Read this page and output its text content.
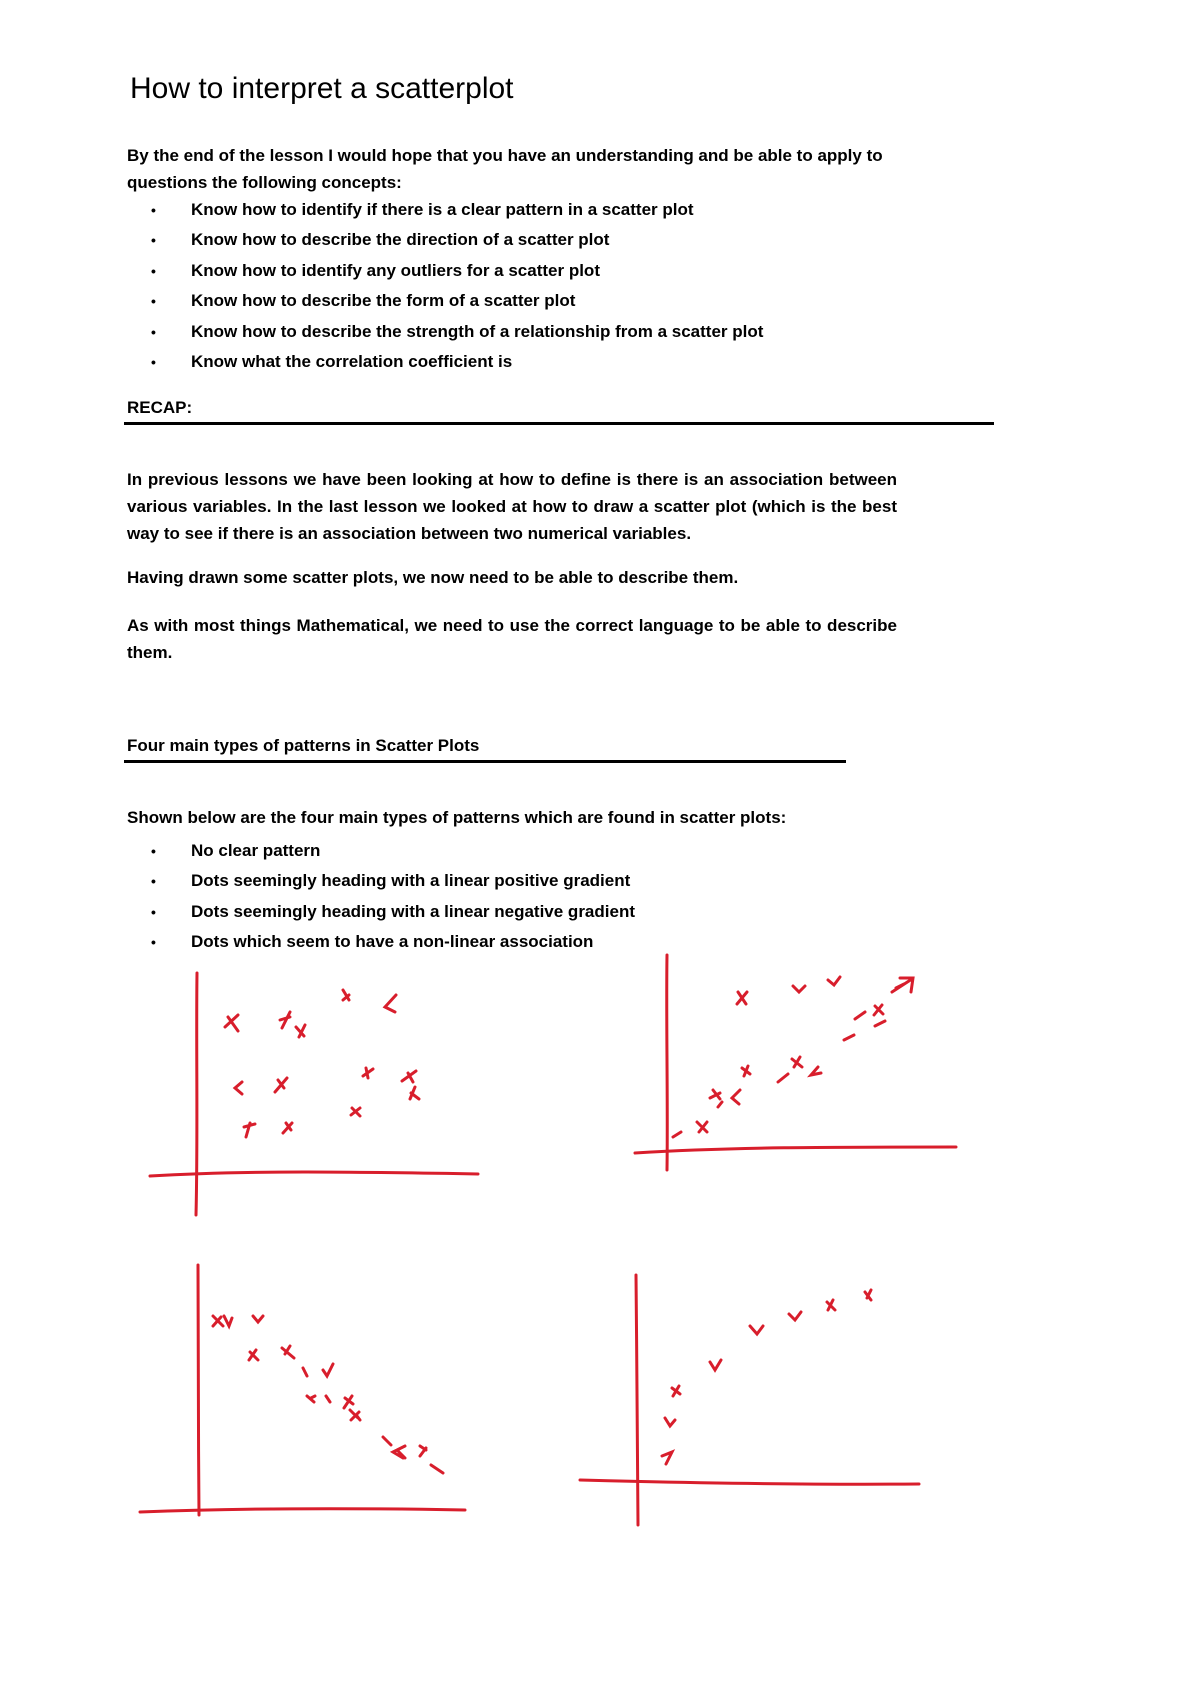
How to interpret a scatterplot

By the end of the lesson I would hope that you have an understanding and be able to apply to questions the following concepts:

• Know how to identify if there is a clear pattern in a scatter plot
• Know how to describe the direction of a scatter plot
• Know how to identify any outliers for a scatter plot
• Know how to describe the form of a scatter plot
• Know how to describe the strength of a relationship from a scatter plot
• Know what the correlation coefficient is
RECAP:

In previous lessons we have been looking at how to define is there is an association between various variables. In the last lesson we looked at how to draw a scatter plot (which is the best way to see if there is an association between two numerical variables.

Having drawn some scatter plots, we now need to be able to describe them.

As with most things Mathematical, we need to use the correct language to be able to describe them.

Four main types of patterns in Scatter Plots

Shown below are the four main types of patterns which are found in scatter plots:

• No clear pattern
• Dots seemingly heading with a linear positive gradient
• Dots seemingly heading with a linear negative gradient
• Dots which seem to have a non-linear association
